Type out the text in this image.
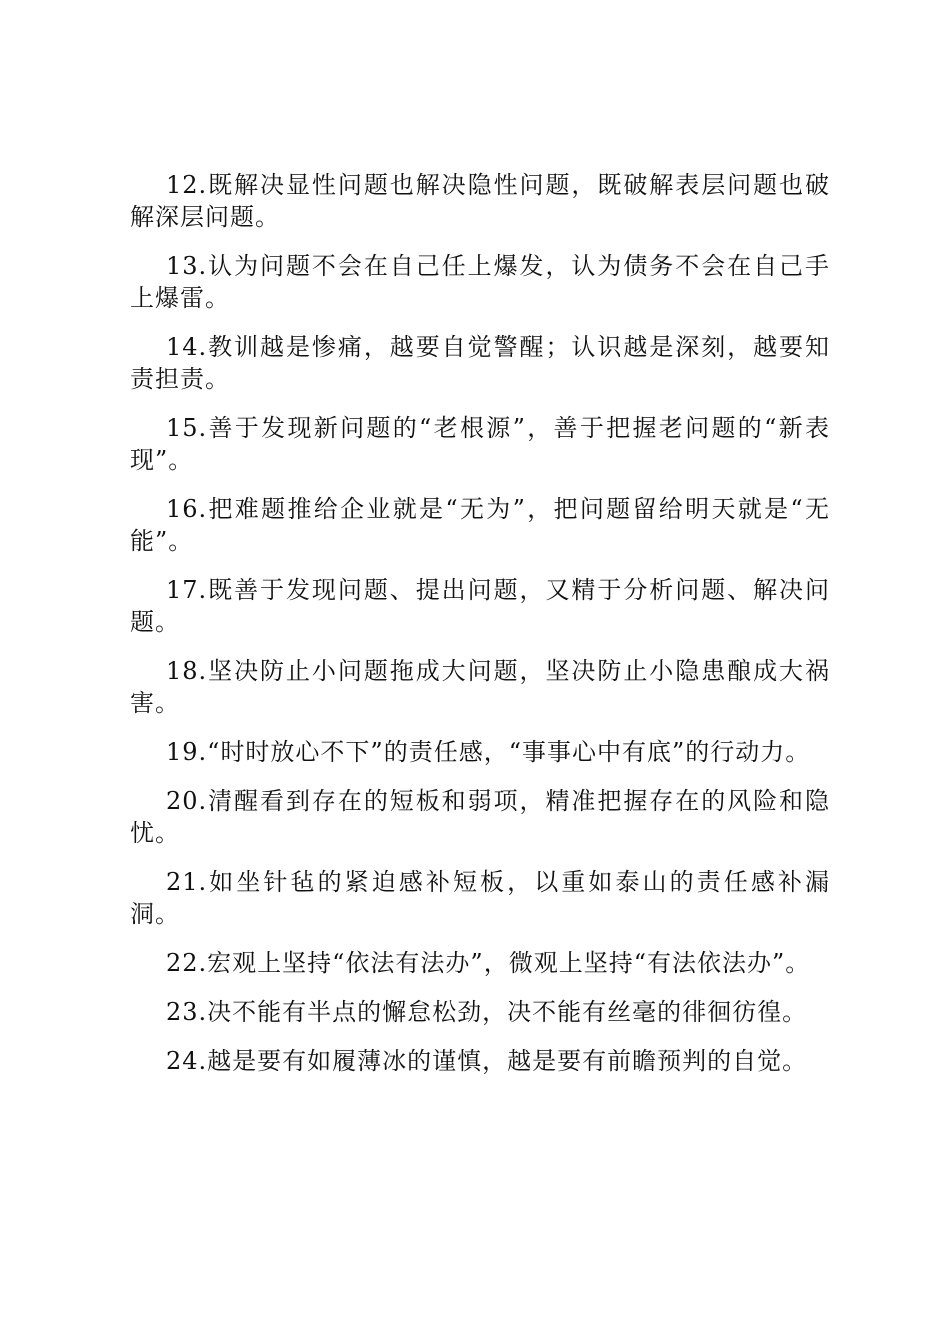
12.既解决显性问题也解决隐性问题，既破解表层问题也破解深层问题。

13.认为问题不会在自己任上爆发，认为债务不会在自己手上爆雷。

14.教训越是惨痛，越要自觉警醒；认识越是深刻，越要知责担责。

15.善于发现新问题的“老根源”，善于把握老问题的“新表现”。

16.把难题推给企业就是“无为”，把问题留给明天就是“无能”。

17.既善于发现问题、提出问题，又精于分析问题、解决问题。

18.坚决防止小问题拖成大问题，坚决防止小隐患酿成大祸害。

19.“时时放心不下”的责任感，“事事心中有底”的行动力。

20.清醒看到存在的短板和弱项，精准把握存在的风险和隐忧。

21.如坐针毡的紧迫感补短板，以重如泰山的责任感补漏洞。

22.宏观上坚持“依法有法办”，微观上坚持“有法依法办”。

23.决不能有半点的懈怠松劲，决不能有丝毫的徘徊彷徨。

24.越是要有如履薄冰的谨慎，越是要有前瞻预判的自觉。
